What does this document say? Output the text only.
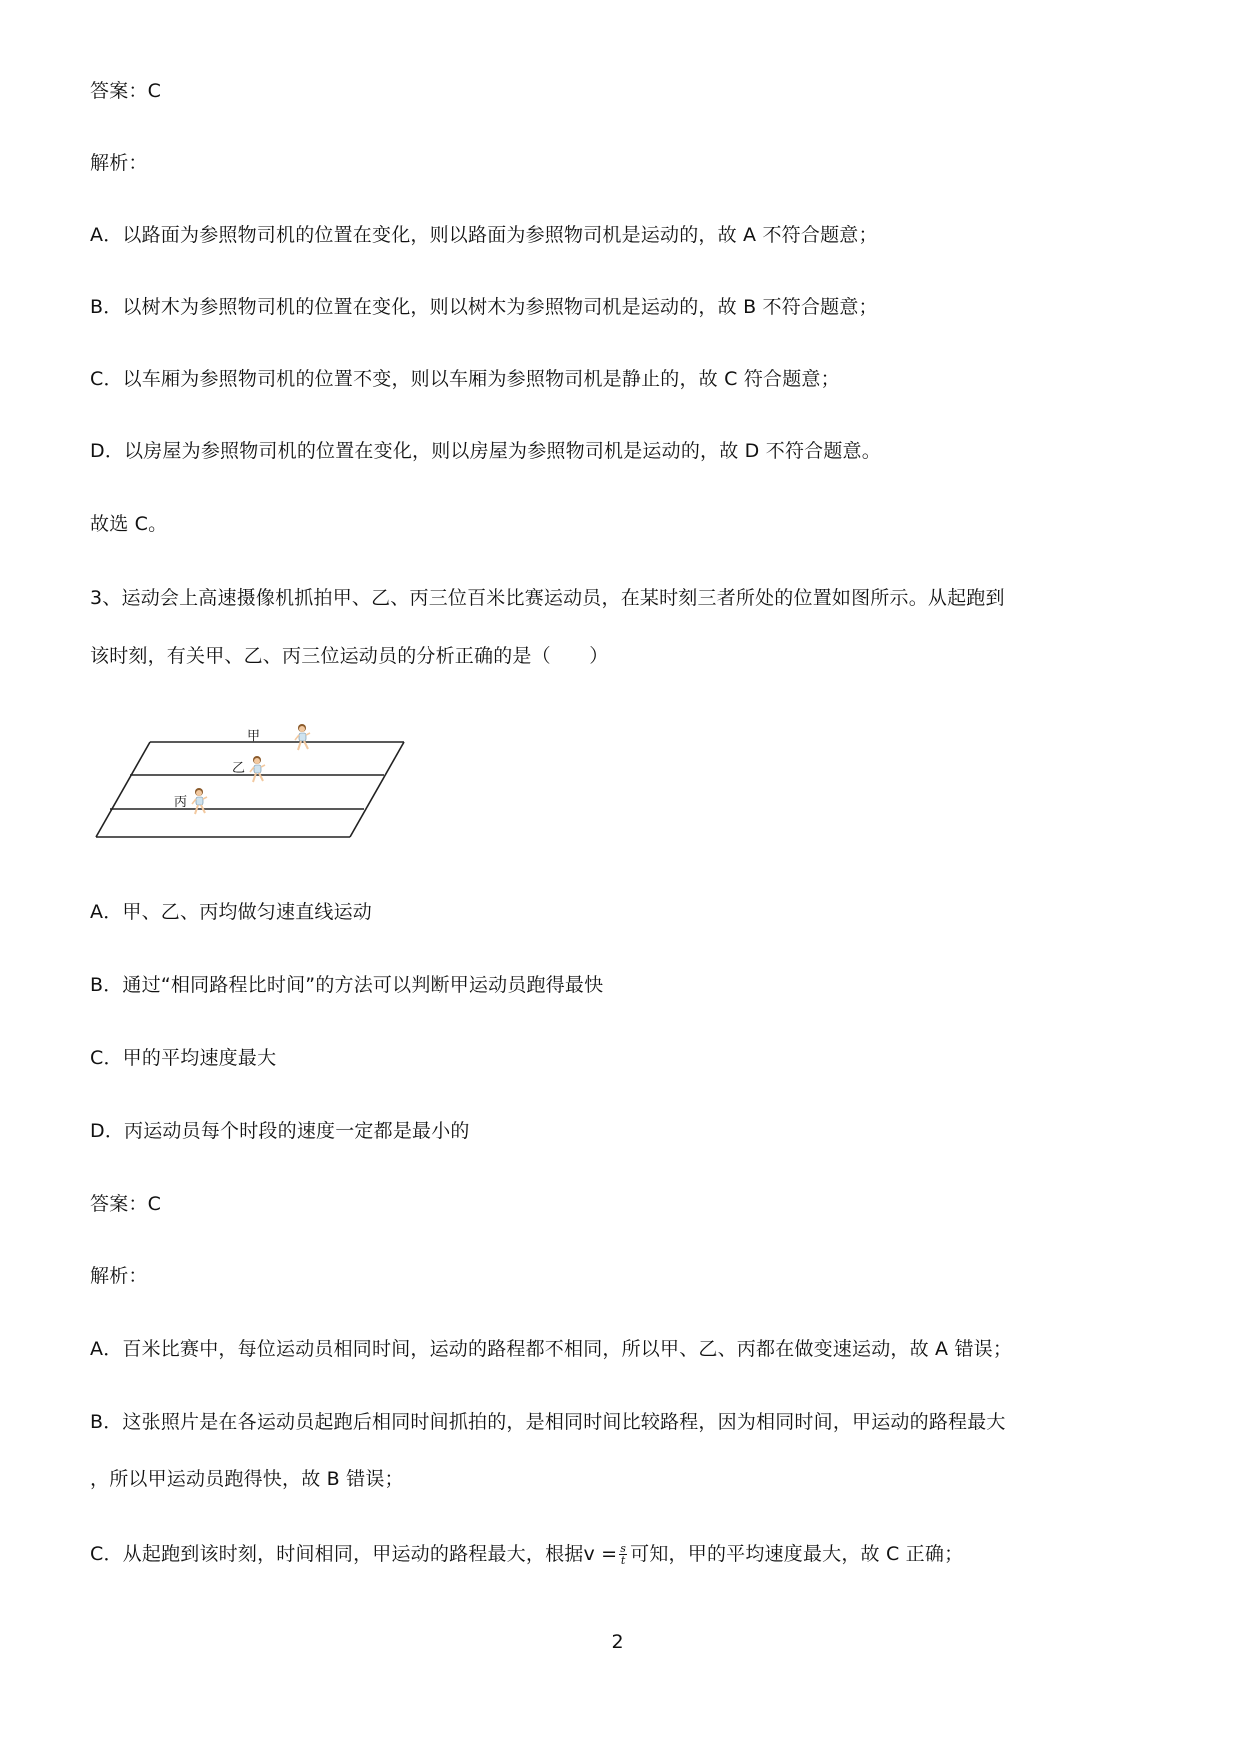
答案：C
解析：
A．以路面为参照物司机的位置在变化，则以路面为参照物司机是运动的，故 A 不符合题意；
B．以树木为参照物司机的位置在变化，则以树木为参照物司机是运动的，故 B 不符合题意；
C．以车厢为参照物司机的位置不变，则以车厢为参照物司机是静止的，故 C 符合题意；
D．以房屋为参照物司机的位置在变化，则以房屋为参照物司机是运动的，故 D 不符合题意。
故选 C。
3、运动会上高速摄像机抓拍甲、乙、丙三位百米比赛运动员，在某时刻三者所处的位置如图所示。从起跑到
该时刻，有关甲、乙、丙三位运动员的分析正确的是（　　）
甲
乙
丙
A．甲、乙、丙均做匀速直线运动
B．通过“相同路程比时间”的方法可以判断甲运动员跑得最快
C．甲的平均速度最大
D．丙运动员每个时段的速度一定都是最小的
答案：C
解析：
A．百米比赛中，每位运动员相同时间，运动的路程都不相同，所以甲、乙、丙都在做变速运动，故 A 错误；
B．这张照片是在各运动员起跑后相同时间抓拍的，是相同时间比较路程，因为相同时间，甲运动的路程最大
，所以甲运动员跑得快，故 B 错误；
C．从起跑到该时刻，时间相同，甲运动的路程最大，根据$v = \frac{s}{t}$ 可知，甲的平均速度最大，故 C 正确；
2
